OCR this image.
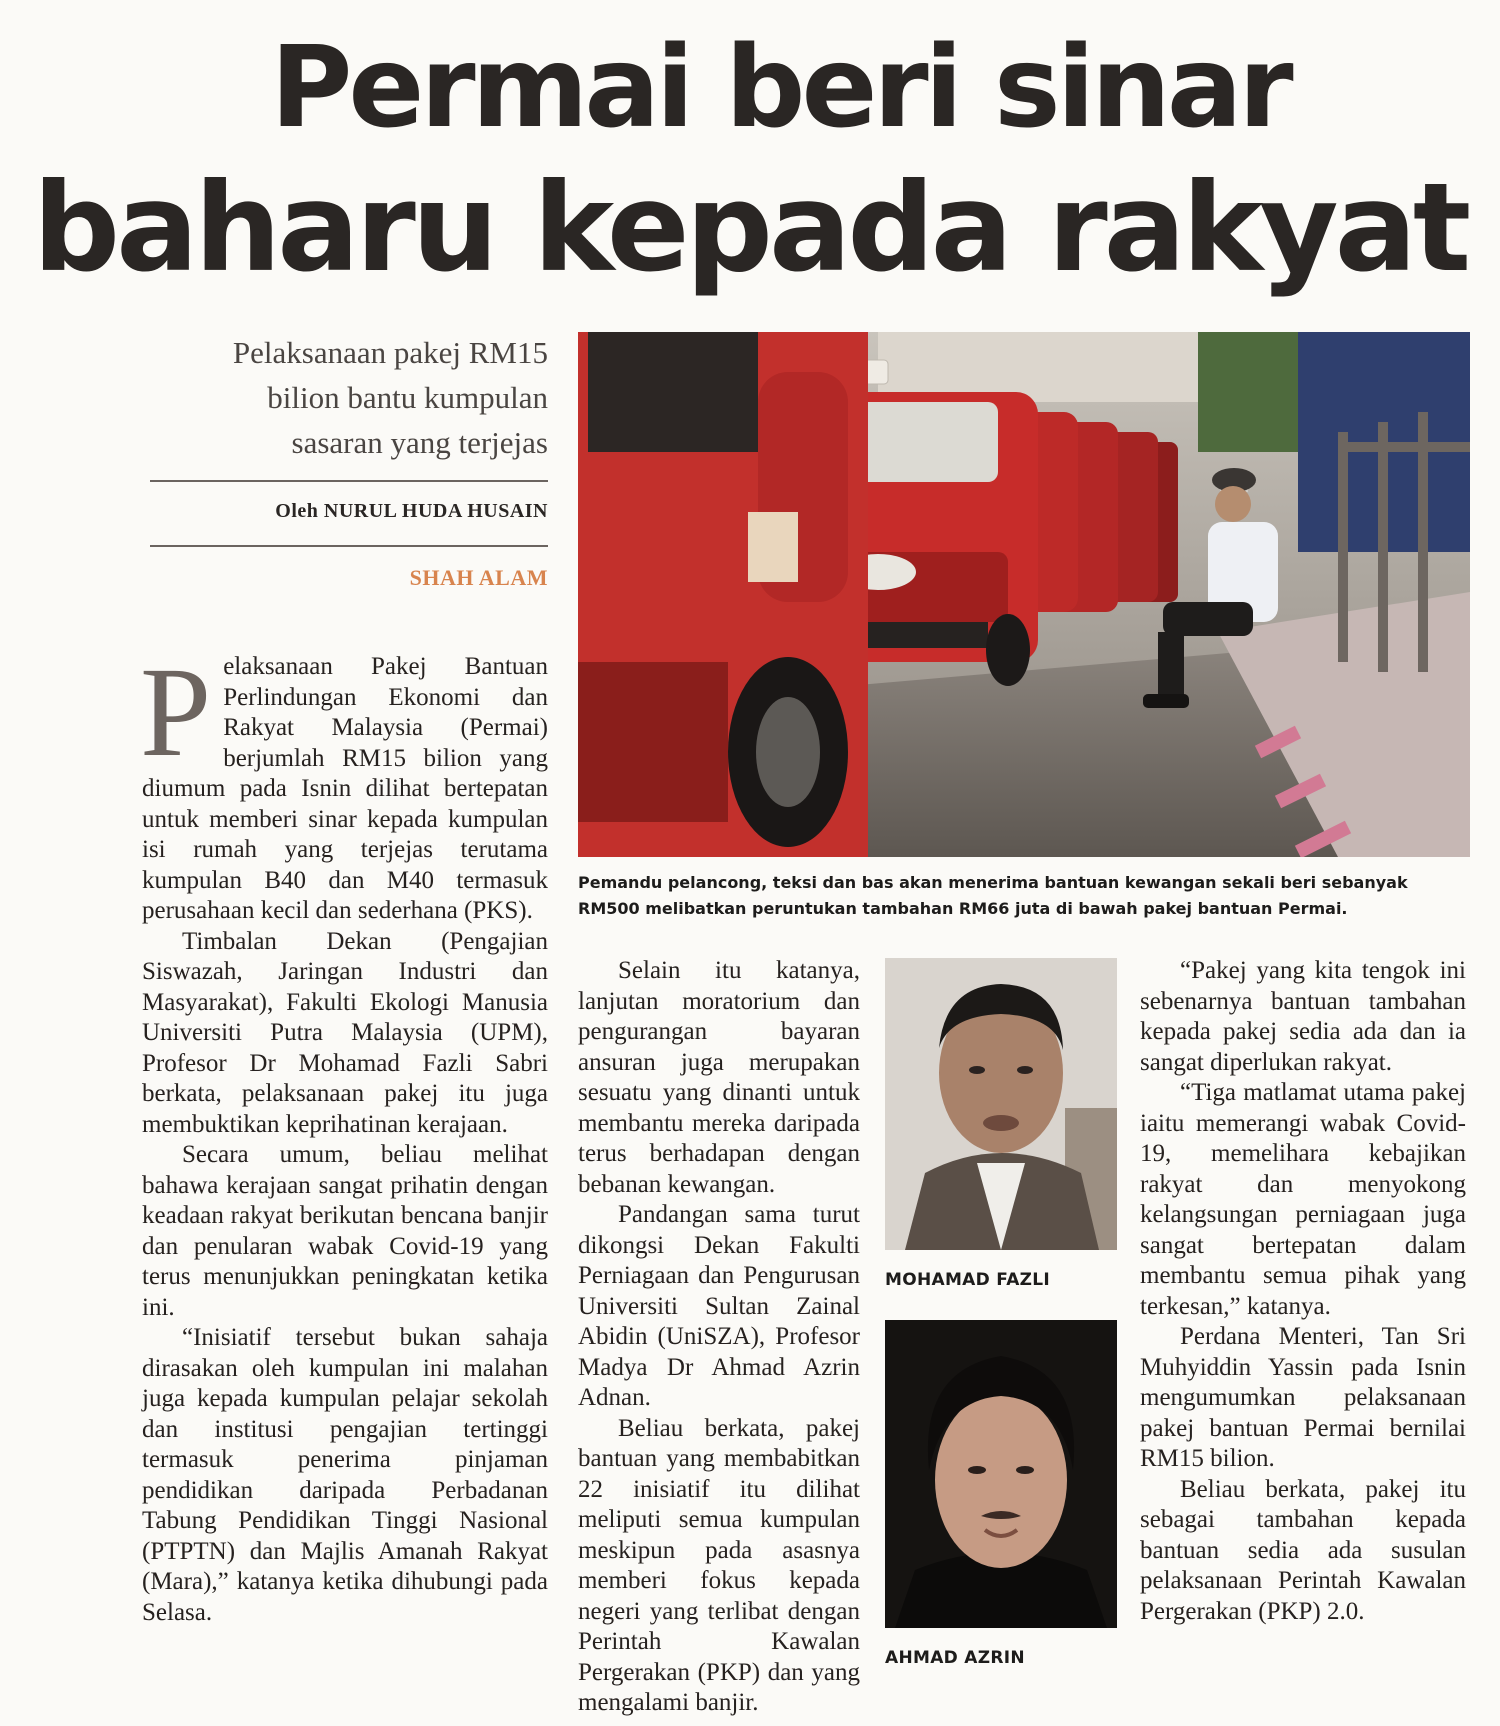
Permai beri sinar
baharu kepada rakyat
Pelaksanaan pakej RM15
bilion bantu kumpulan
sasaran yang terjejas
Oleh NURUL HUDA HUSAIN
SHAH ALAM
Pemandu pelancong, teksi dan bas akan menerima bantuan kewangan sekali beri sebanyak
RM500 melibatkan peruntukan tambahan RM66 juta di bawah pakej bantuan Permai.

Pelaksanaan Pakej Bantuan Perlindungan Ekonomi dan Rakyat Malaysia (Permai) berjumlah RM15 bilion yang diumum pada Isnin dilihat bertepatan untuk memberi sinar kepada kumpulan isi rumah yang terjejas terutama kumpulan B40 dan M40 termasuk perusahaan kecil dan sederhana (PKS).

Timbalan Dekan (Pengajian Siswazah, Jaringan Industri dan Masyarakat), Fakulti Ekologi Manusia Universiti Putra Malaysia (UPM), Profesor Dr Mohamad Fazli Sabri berkata, pelaksanaan pakej itu juga membuktikan keprihatinan kerajaan.

Secara umum, beliau melihat bahawa kerajaan sangat prihatin dengan keadaan rakyat berikutan bencana banjir dan penularan wabak Covid-19 yang terus menunjukkan peningkatan ketika ini.

“Inisiatif tersebut bukan sahaja dirasakan oleh kumpulan ini malahan juga kepada kumpulan pelajar sekolah dan institusi pengajian tertinggi termasuk penerima pinjaman pendidikan daripada Perbadanan Tabung Pendidikan Tinggi Nasional (PTPTN) dan Majlis Amanah Rakyat (Mara),” katanya ketika dihubungi pada Selasa.

Selain itu katanya, lanjutan moratorium dan pengurangan bayaran ansuran juga merupakan sesuatu yang dinanti untuk membantu mereka daripada terus berhadapan dengan bebanan kewangan.

Pandangan sama turut dikongsi Dekan Fakulti Perniagaan dan Pengurusan Universiti Sultan Zainal Abidin (UniSZA), Profesor Madya Dr Ahmad Azrin Adnan.

Beliau berkata, pakej bantuan yang membabitkan 22 inisiatif itu dilihat meliputi semua kumpulan meskipun pada asasnya memberi fokus kepada negeri yang terlibat dengan Perintah Kawalan Pergerakan (PKP) dan yang mengalami banjir.

MOHAMAD FAZLI
AHMAD AZRIN

“Pakej yang kita tengok ini sebenarnya bantuan tambahan kepada pakej sedia ada dan ia sangat diperlukan rakyat.

“Tiga matlamat utama pakej iaitu memerangi wabak Covid-19, memelihara kebajikan rakyat dan menyokong kelangsungan perniagaan juga sangat bertepatan dalam membantu semua pihak yang terkesan,” katanya.

Perdana Menteri, Tan Sri Muhyiddin Yassin pada Isnin mengumumkan pelaksanaan pakej bantuan Permai bernilai RM15 bilion.

Beliau berkata, pakej itu sebagai tambahan kepada bantuan sedia ada susulan pelaksanaan Perintah Kawalan Pergerakan (PKP) 2.0.
